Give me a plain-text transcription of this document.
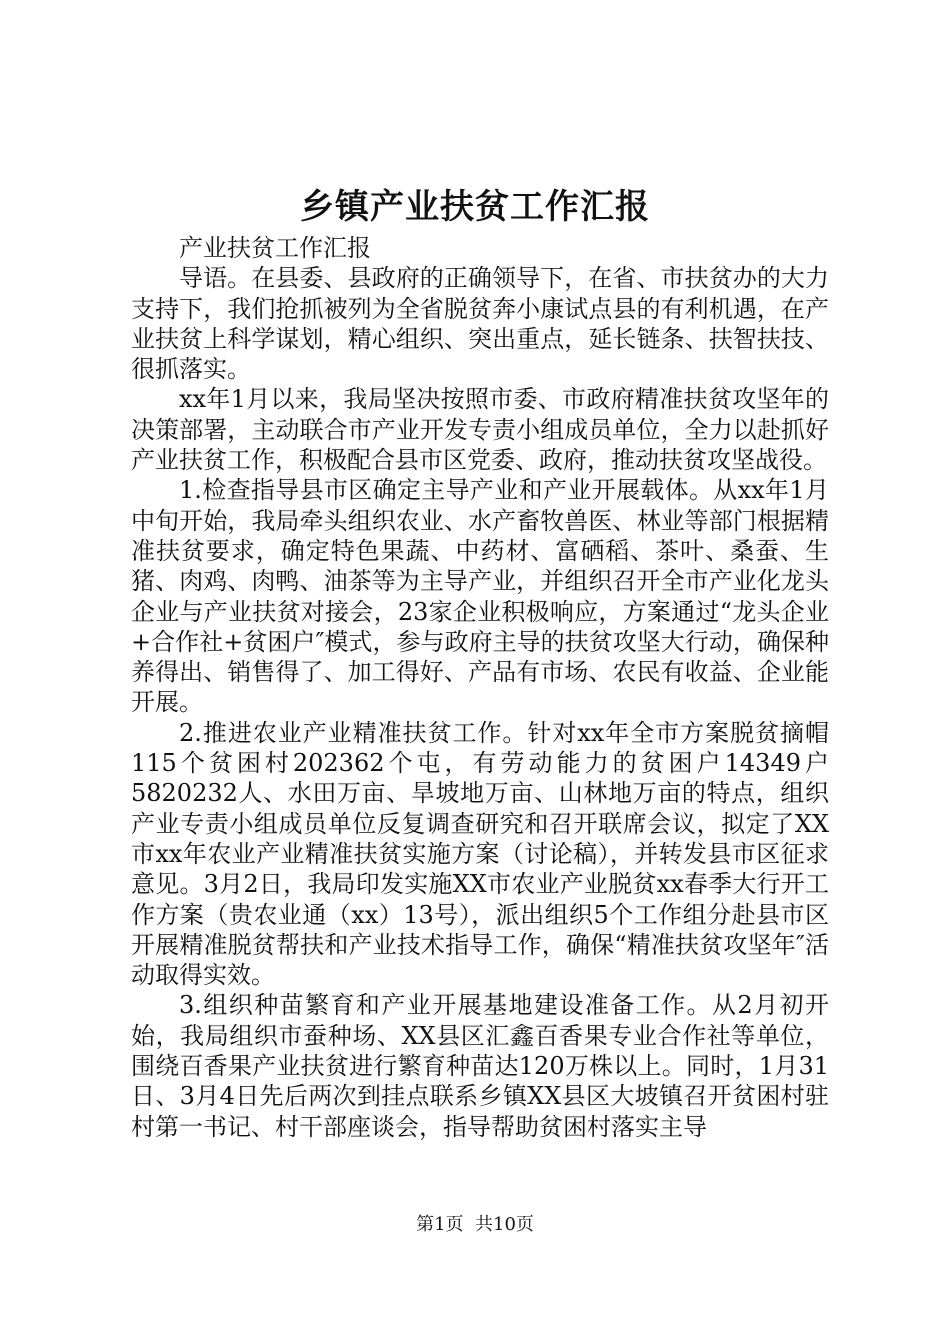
乡镇产业扶贫工作汇报

产业扶贫工作汇报

导语。在县委、县政府的正确领导下，在省、市扶贫办的大力支持下，我们抢抓被列为全省脱贫奔小康试点县的有利机遇，在产业扶贫上科学谋划，精心组织、突出重点，延长链条、扶智扶技、很抓落实。

xx年1月以来，我局坚决按照市委、市政府精准扶贫攻坚年的决策部署，主动联合市产业开发专责小组成员单位，全力以赴抓好产业扶贫工作，积极配合县市区党委、政府，推动扶贫攻坚战役。

1.检查指导县市区确定主导产业和产业开展载体。从xx年1月中旬开始，我局牵头组织农业、水产畜牧兽医、林业等部门根据精准扶贫要求，确定特色果蔬、中药材、富硒稻、茶叶、桑蚕、生猪、肉鸡、肉鸭、油茶等为主导产业，并组织召开全市产业化龙头企业与产业扶贫对接会，23家企业积极响应，方案通过“龙头企业+合作社+贫困户″模式，参与政府主导的扶贫攻坚大行动，确保种养得出、销售得了、加工得好、产品有市场、农民有收益、企业能开展。

2.推进农业产业精准扶贫工作。针对xx年全市方案脱贫摘帽115个贫困村202362个屯，有劳动能力的贫困户14349户5820232人、水田万亩、旱坡地万亩、山林地万亩的特点，组织产业专责小组成员单位反复调查研究和召开联席会议，拟定了XX市xx年农业产业精准扶贫实施方案（讨论稿），并转发县市区征求意见。3月2日，我局印发实施XX市农业产业脱贫xx春季大行开工作方案（贵农业通（xx）13号），派出组织5个工作组分赴县市区开展精准脱贫帮扶和产业技术指导工作，确保“精准扶贫攻坚年″活动取得实效。

3.组织种苗繁育和产业开展基地建设准备工作。从2月初开始，我局组织市蚕种场、XX县区汇鑫百香果专业合作社等单位，围绕百香果产业扶贫进行繁育种苗达120万株以上。同时，1月31日、3月4日先后两次到挂点联系乡镇XX县区大坡镇召开贫困村驻村第一书记、村干部座谈会，指导帮助贫困村落实主导

第1页 共10页
